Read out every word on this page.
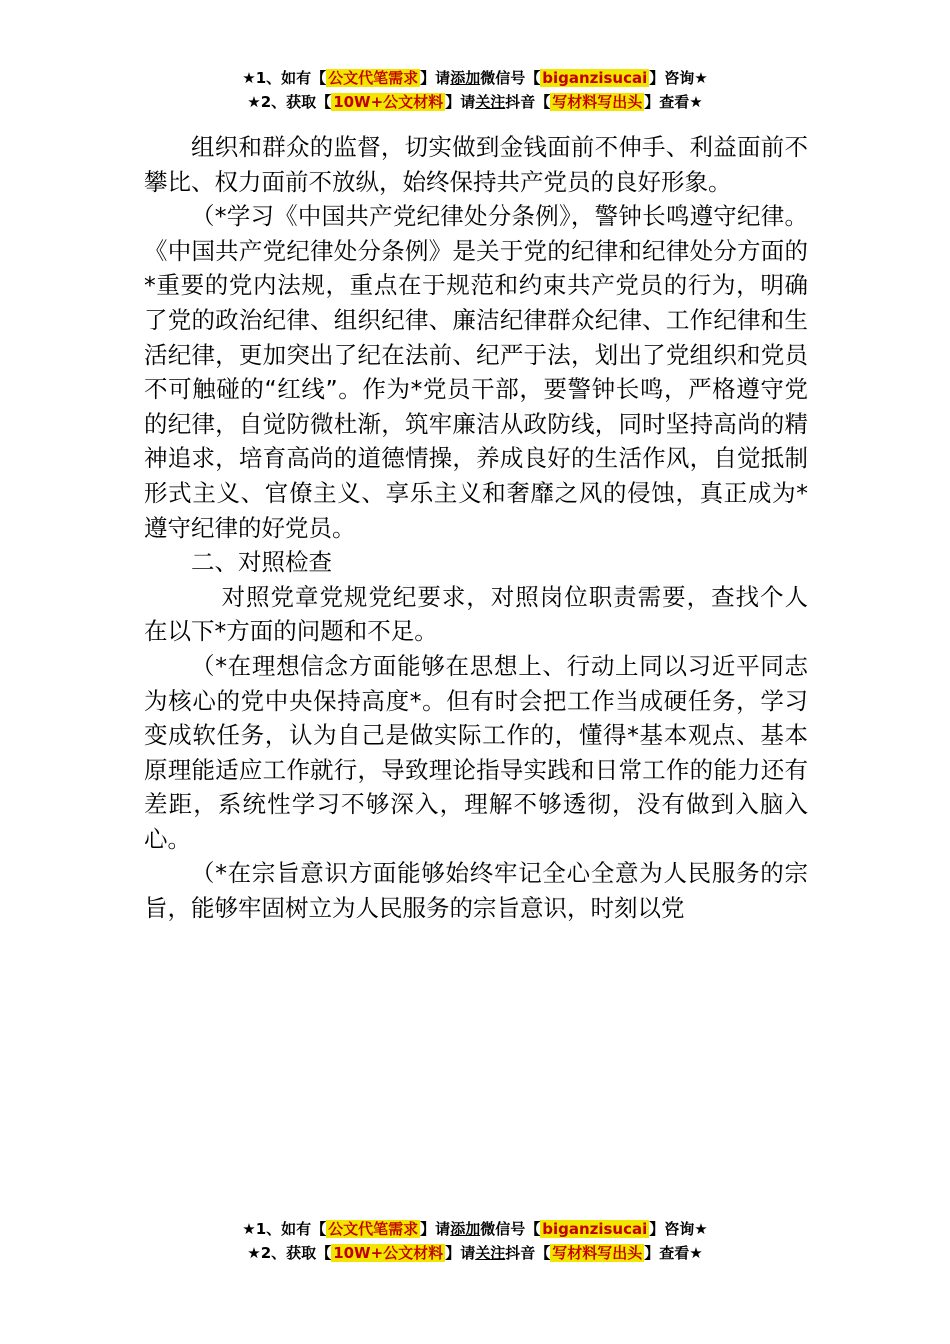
★1、如有【 公文代笔需求 】请添加微信号【 biganzisucai 】咨询★
★2、获取【 10W+公文材料 】请关注抖音【 写材料写出头 】查看★

组织和群众的监督，切实做到金钱面前不伸手、利益面前不攀比、权力面前不放纵，始终保持共产党员的良好形象。

（*学习《中国共产党纪律处分条例》，警钟长鸣遵守纪律。《中国共产党纪律处分条例》是关于党的纪律和纪律处分方面的*重要的党内法规，重点在于规范和约束共产党员的行为，明确了党的政治纪律、组织纪律、廉洁纪律群众纪律、工作纪律和生活纪律，更加突出了纪在法前、纪严于法，划出了党组织和党员不可触碰的“红线”。作为*党员干部，要警钟长鸣，严格遵守党的纪律，自觉防微杜渐，筑牢廉洁从政防线，同时坚持高尚的精神追求，培育高尚的道德情操，养成良好的生活作风，自觉抵制形式主义、官僚主义、享乐主义和奢靡之风的侵蚀，真正成为*遵守纪律的好党员。

二、对照检查

对照党章党规党纪要求，对照岗位职责需要，查找个人在以下*方面的问题和不足。

（*在理想信念方面能够在思想上、行动上同以习近平同志为核心的党中央保持高度*。但有时会把工作当成硬任务，学习变成软任务，认为自己是做实际工作的，懂得*基本观点、基本原理能适应工作就行，导致理论指导实践和日常工作的能力还有差距，系统性学习不够深入，理解不够透彻，没有做到入脑入心。

（*在宗旨意识方面能够始终牢记全心全意为人民服务的宗旨，能够牢固树立为人民服务的宗旨意识，时刻以党

★1、如有【 公文代笔需求 】请添加微信号【 biganzisucai 】咨询★
★2、获取【 10W+公文材料 】请关注抖音【 写材料写出头 】查看★
